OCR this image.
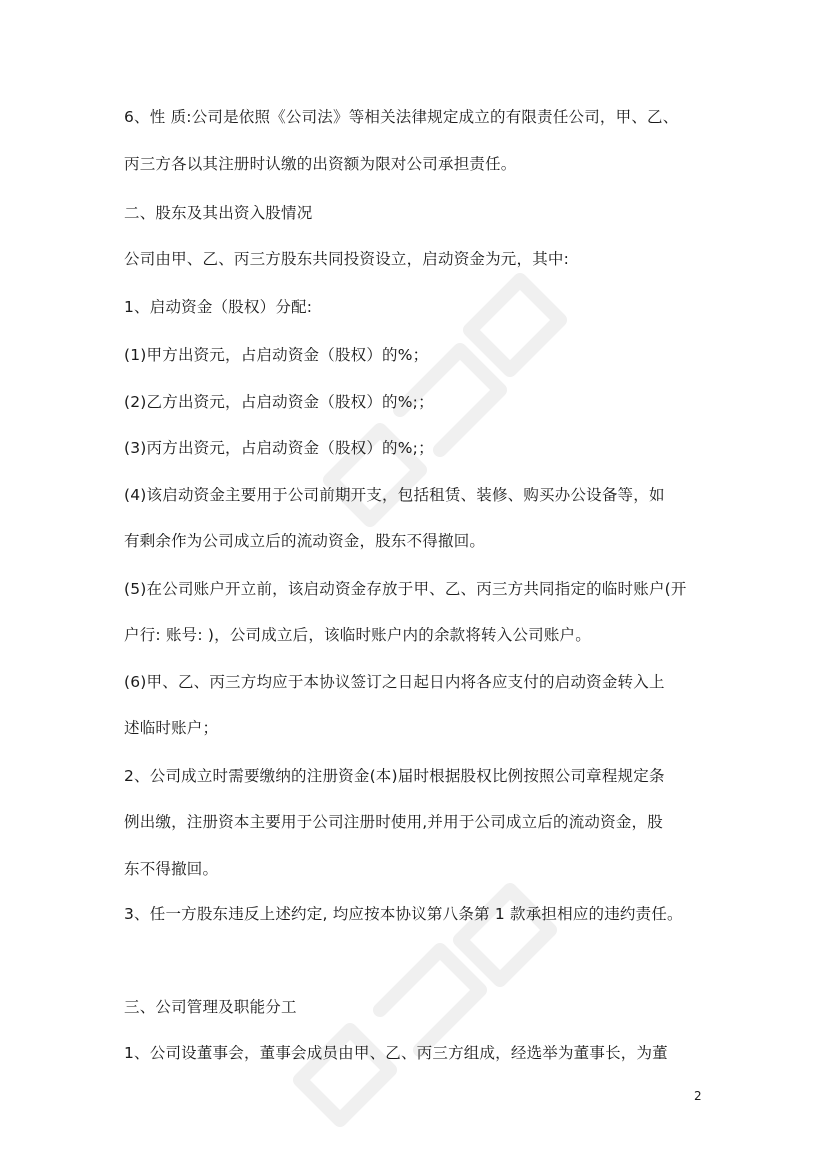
6、性 质:公司是依照《公司法》等相关法律规定成立的有限责任公司，甲、乙、
丙三方各以其注册时认缴的出资额为限对公司承担责任。
二、股东及其出资入股情况
公司由甲、乙、丙三方股东共同投资设立，启动资金为元，其中:
1、启动资金（股权）分配:
(1)甲方出资元，占启动资金（股权）的%；
(2)乙方出资元，占启动资金（股权）的%;；
(3)丙方出资元，占启动资金（股权）的%;；
(4)该启动资金主要用于公司前期开支，包括租赁、装修、购买办公设备等，如
有剩余作为公司成立后的流动资金，股东不得撤回。
(5)在公司账户开立前，该启动资金存放于甲、乙、丙三方共同指定的临时账户(开
户行: 账号: )，公司成立后，该临时账户内的余款将转入公司账户。
(6)甲、乙、丙三方均应于本协议签订之日起日内将各应支付的启动资金转入上
述临时账户；
2、公司成立时需要缴纳的注册资金(本)届时根据股权比例按照公司章程规定条
例出缴，注册资本主要用于公司注册时使用,并用于公司成立后的流动资金，股
东不得撤回。
3、任一方股东违反上述约定, 均应按本协议第八条第 1 款承担相应的违约责任。
三、公司管理及职能分工
1、公司设董事会，董事会成员由甲、乙、丙三方组成，经选举为董事长，为董
2
